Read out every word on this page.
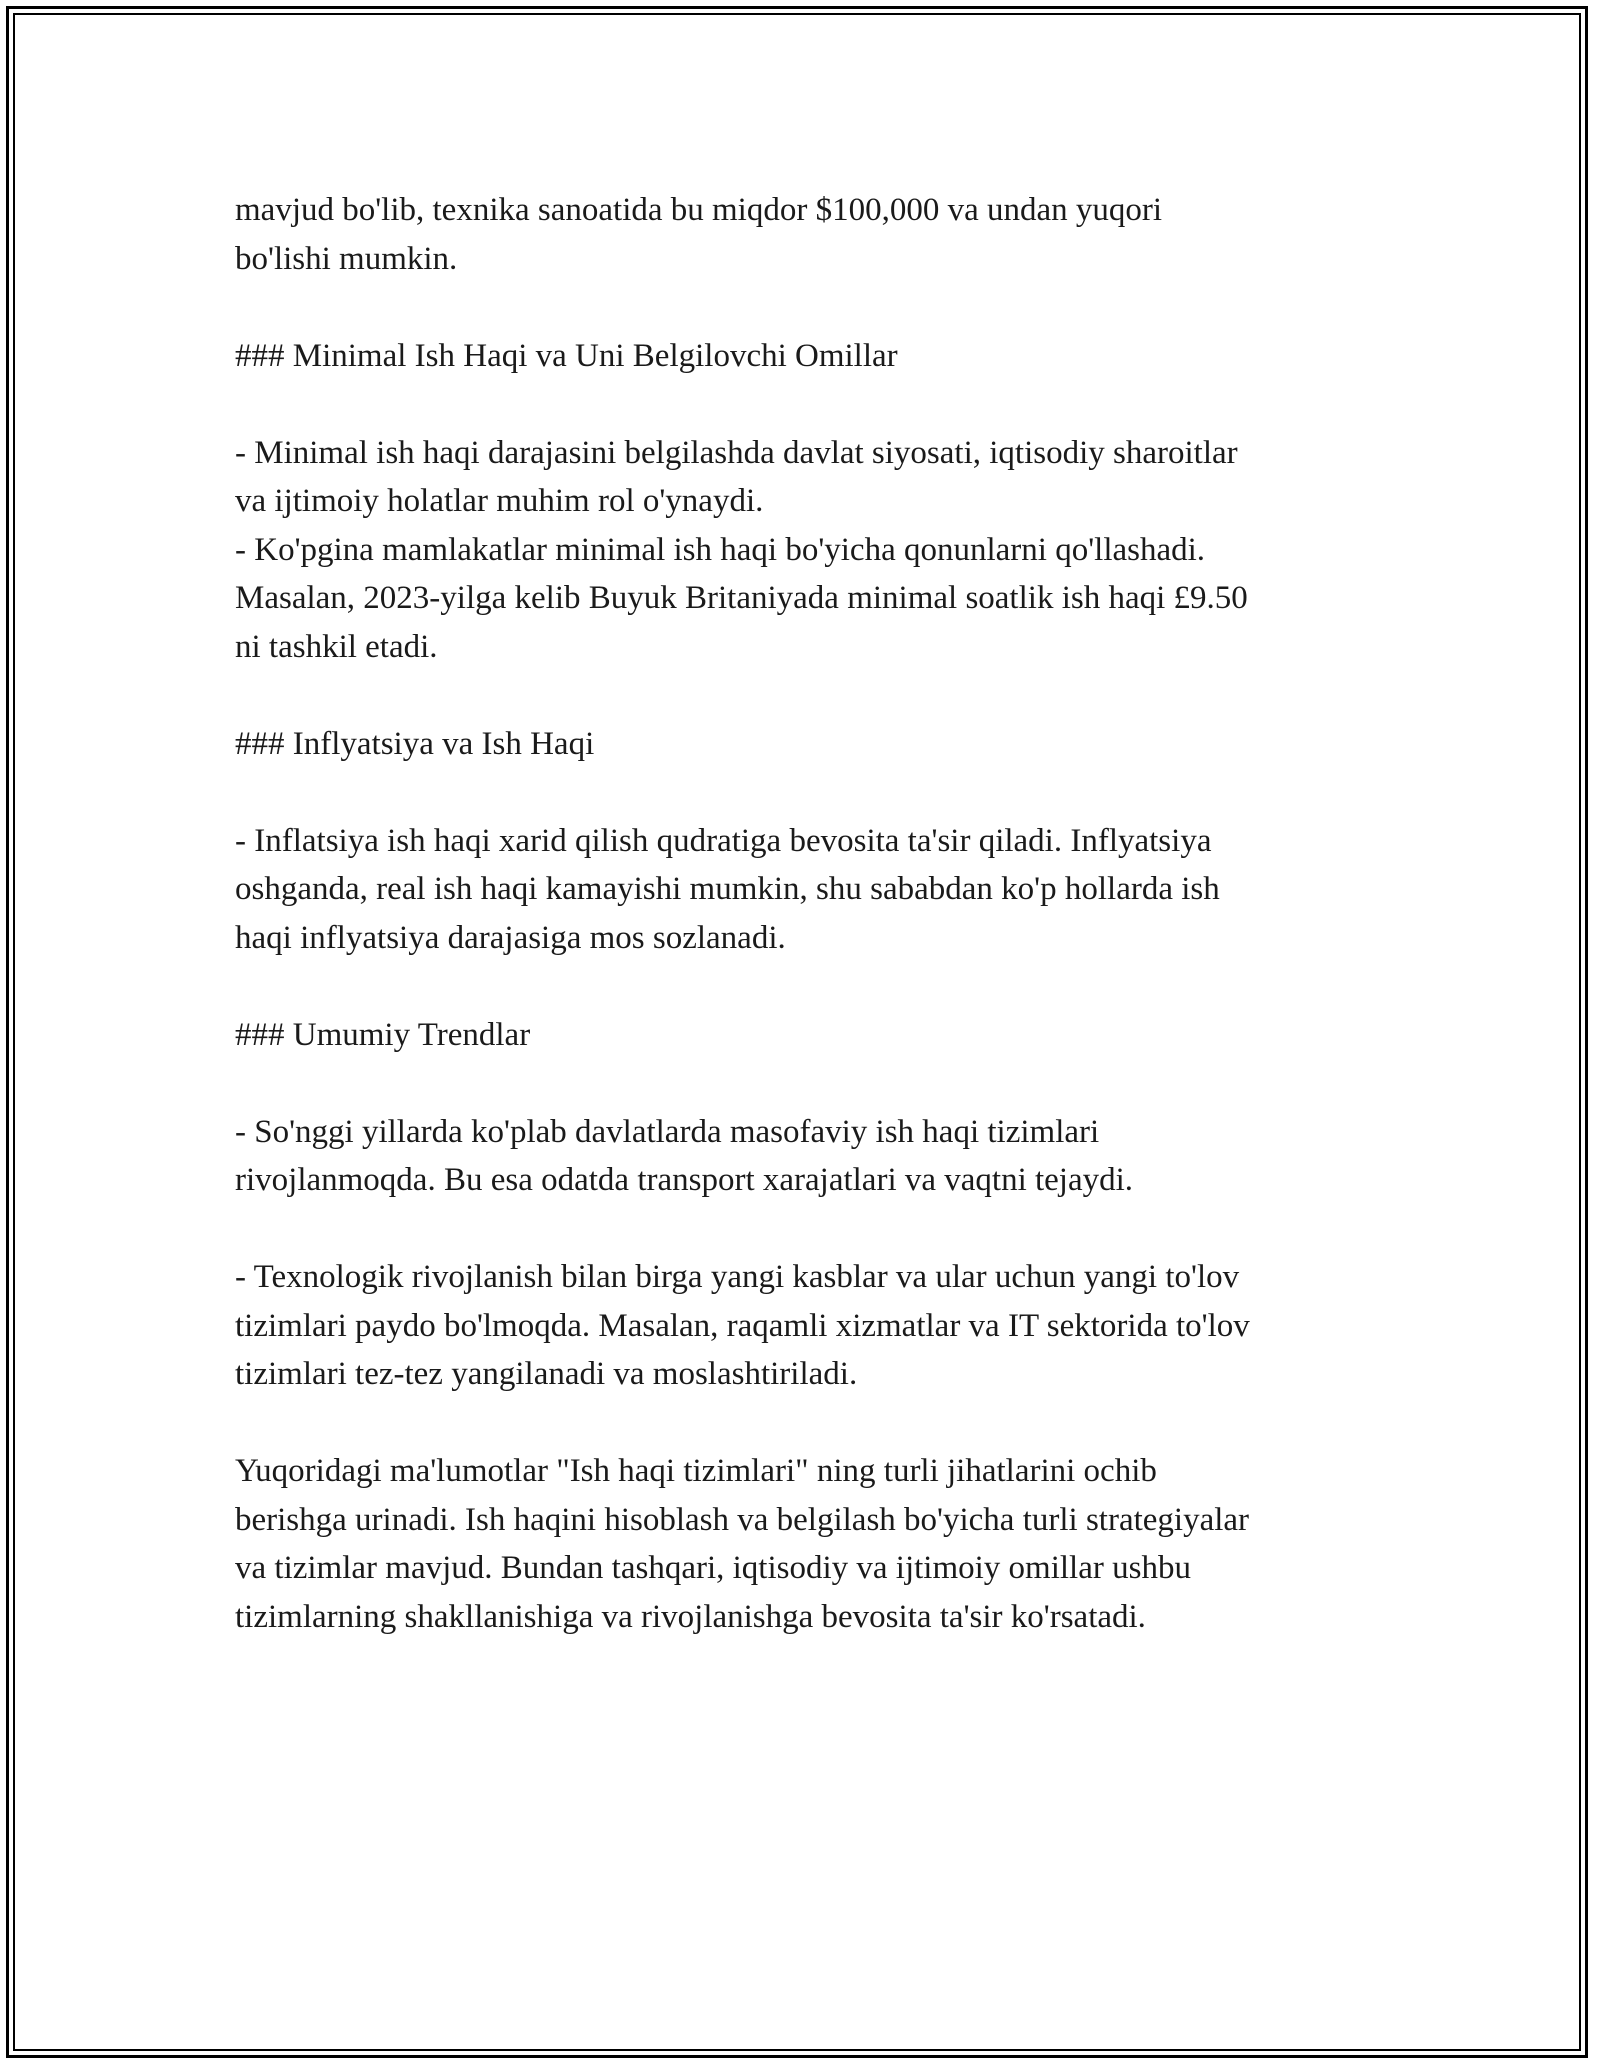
mavjud bo'lib, texnika sanoatida bu miqdor $100,000 va undan yuqori

bo'lishi mumkin.

### Minimal Ish Haqi va Uni Belgilovchi Omillar

- Minimal ish haqi darajasini belgilashda davlat siyosati, iqtisodiy sharoitlar

va ijtimoiy holatlar muhim rol o'ynaydi.

- Ko'pgina mamlakatlar minimal ish haqi bo'yicha qonunlarni qo'llashadi.

Masalan, 2023-yilga kelib Buyuk Britaniyada minimal soatlik ish haqi £9.50

ni tashkil etadi.

### Inflyatsiya va Ish Haqi

- Inflatsiya ish haqi xarid qilish qudratiga bevosita ta'sir qiladi. Inflyatsiya

oshganda, real ish haqi kamayishi mumkin, shu sababdan ko'p hollarda ish

haqi inflyatsiya darajasiga mos sozlanadi.

### Umumiy Trendlar

- So'nggi yillarda ko'plab davlatlarda masofaviy ish haqi tizimlari

rivojlanmoqda. Bu esa odatda transport xarajatlari va vaqtni tejaydi.

- Texnologik rivojlanish bilan birga yangi kasblar va ular uchun yangi to'lov

tizimlari paydo bo'lmoqda. Masalan, raqamli xizmatlar va IT sektorida to'lov

tizimlari tez-tez yangilanadi va moslashtiriladi.

Yuqoridagi ma'lumotlar "Ish haqi tizimlari" ning turli jihatlarini ochib

berishga urinadi. Ish haqini hisoblash va belgilash bo'yicha turli strategiyalar

va tizimlar mavjud. Bundan tashqari, iqtisodiy va ijtimoiy omillar ushbu

tizimlarning shakllanishiga va rivojlanishga bevosita ta'sir ko'rsatadi.
